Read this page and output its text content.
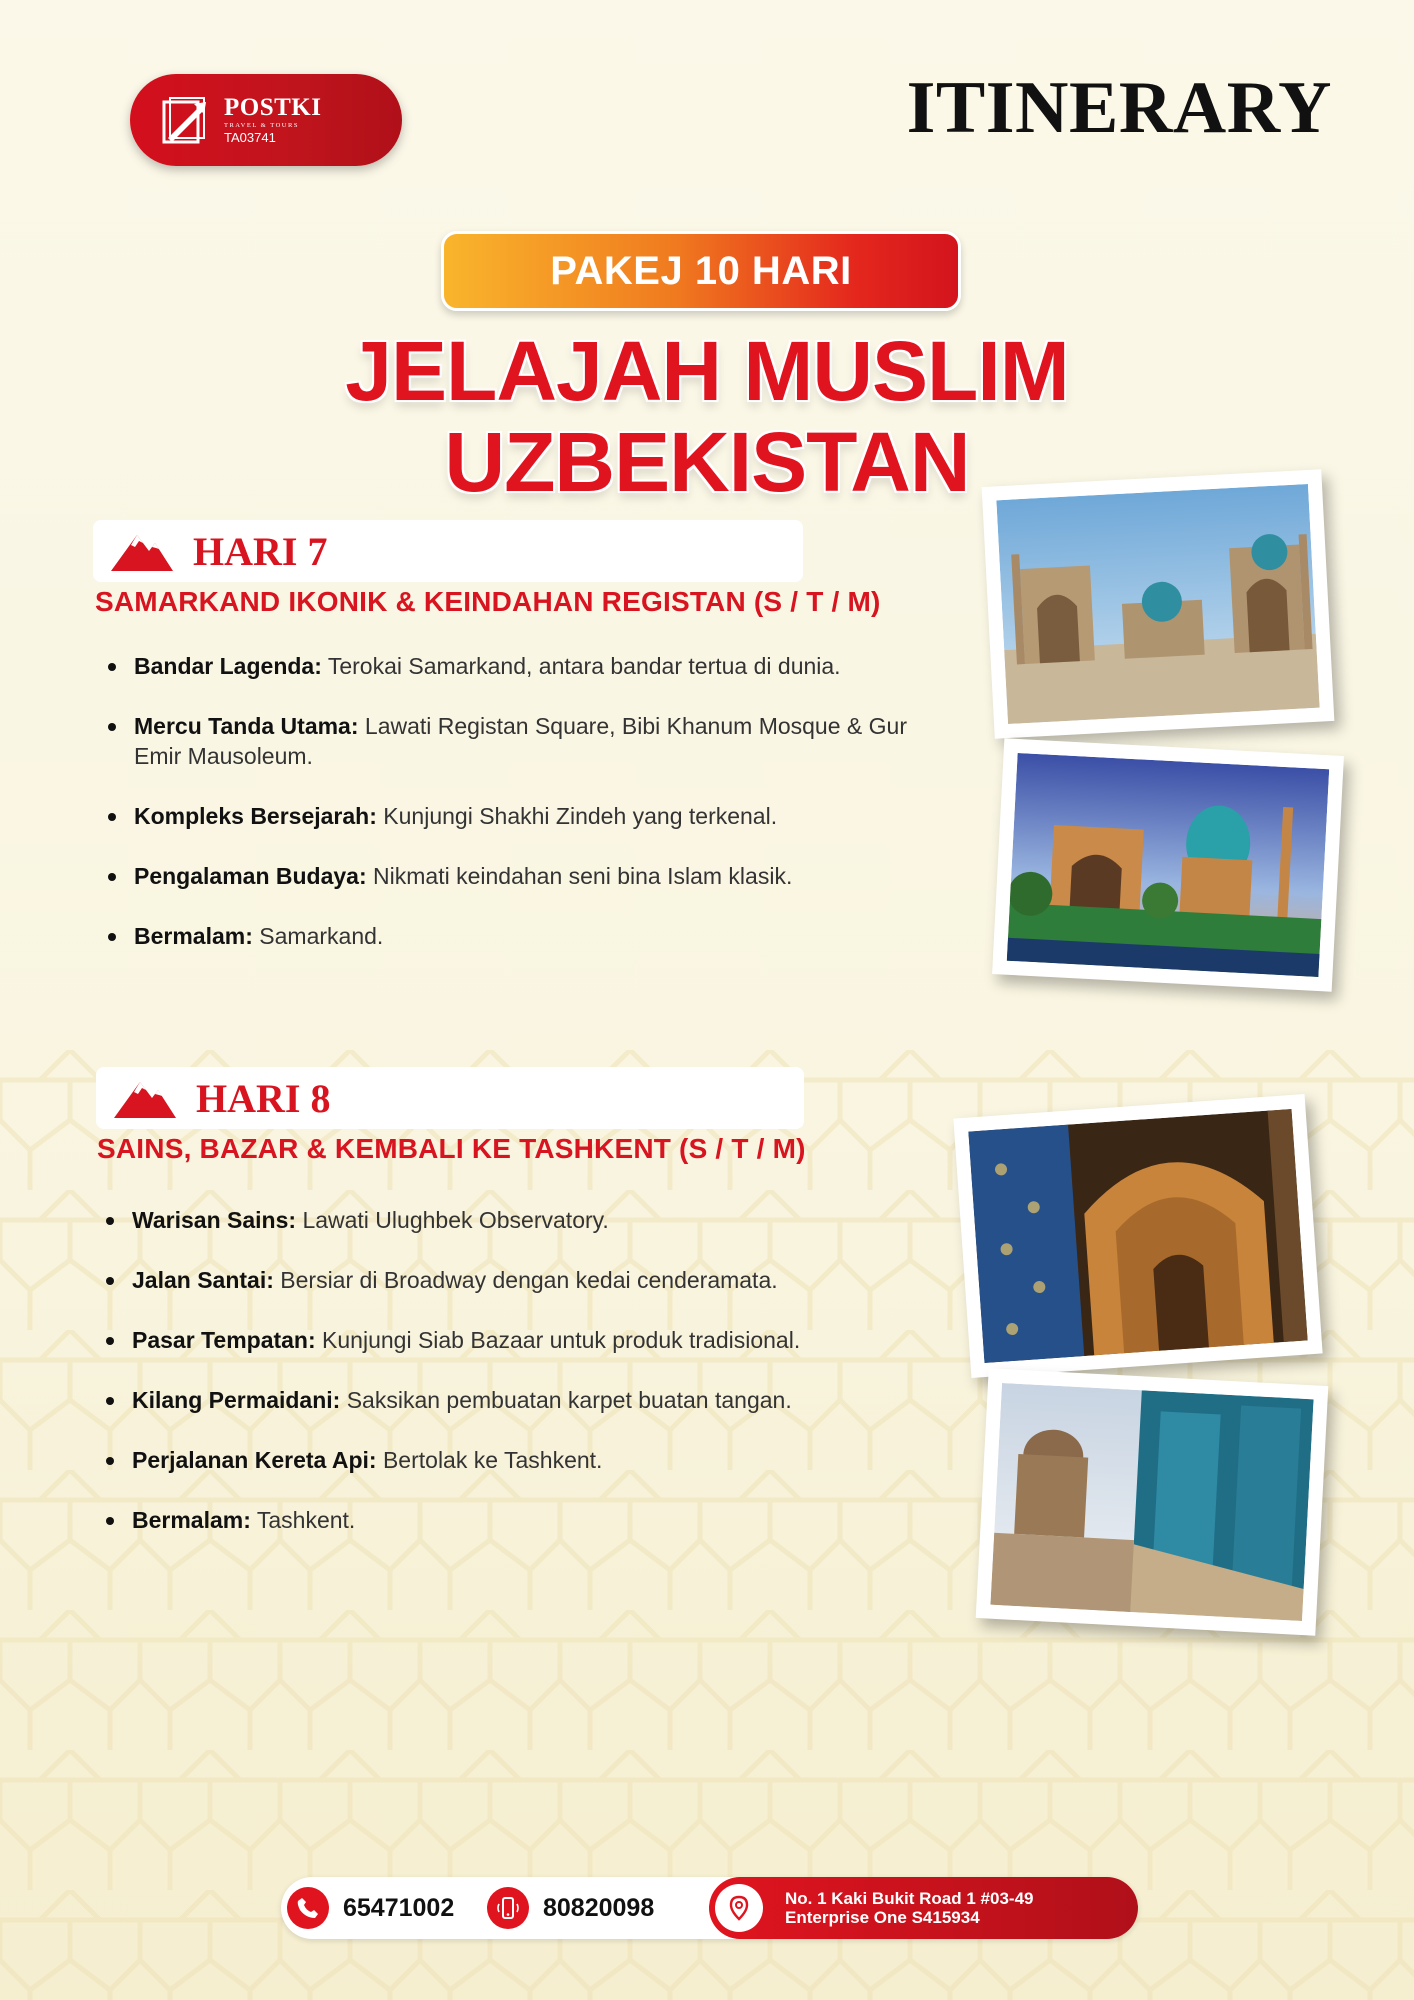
POSTKI
TRAVEL & TOURS
TA03741	ITINERARY
PAKEJ 10 HARI
JELAJAH MUSLIM
UZBEKISTAN
HARI 7
SAMARKAND IKONIK & KEINDAHAN REGISTAN (S / T / M)
Bandar Lagenda: Terokai Samarkand, antara bandar tertua di dunia.
Mercu Tanda Utama: Lawati Registan Square, Bibi Khanum Mosque & Gur Emir Mausoleum.
Kompleks Bersejarah: Kunjungi Shakhi Zindeh yang terkenal.
Pengalaman Budaya: Nikmati keindahan seni bina Islam klasik.
Bermalam: Samarkand.
HARI 8
SAINS, BAZAR & KEMBALI KE TASHKENT (S / T / M)
Warisan Sains: Lawati Ulughbek Observatory.
Jalan Santai: Bersiar di Broadway dengan kedai cenderamata.
Pasar Tempatan: Kunjungi Siab Bazaar untuk produk tradisional.
Kilang Permaidani: Saksikan pembuatan karpet buatan tangan.
Perjalanan Kereta Api: Bertolak ke Tashkent.
Bermalam: Tashkent.
65471002	80820098	No. 1 Kaki Bukit Road 1 #03-49
Enterprise One S415934
